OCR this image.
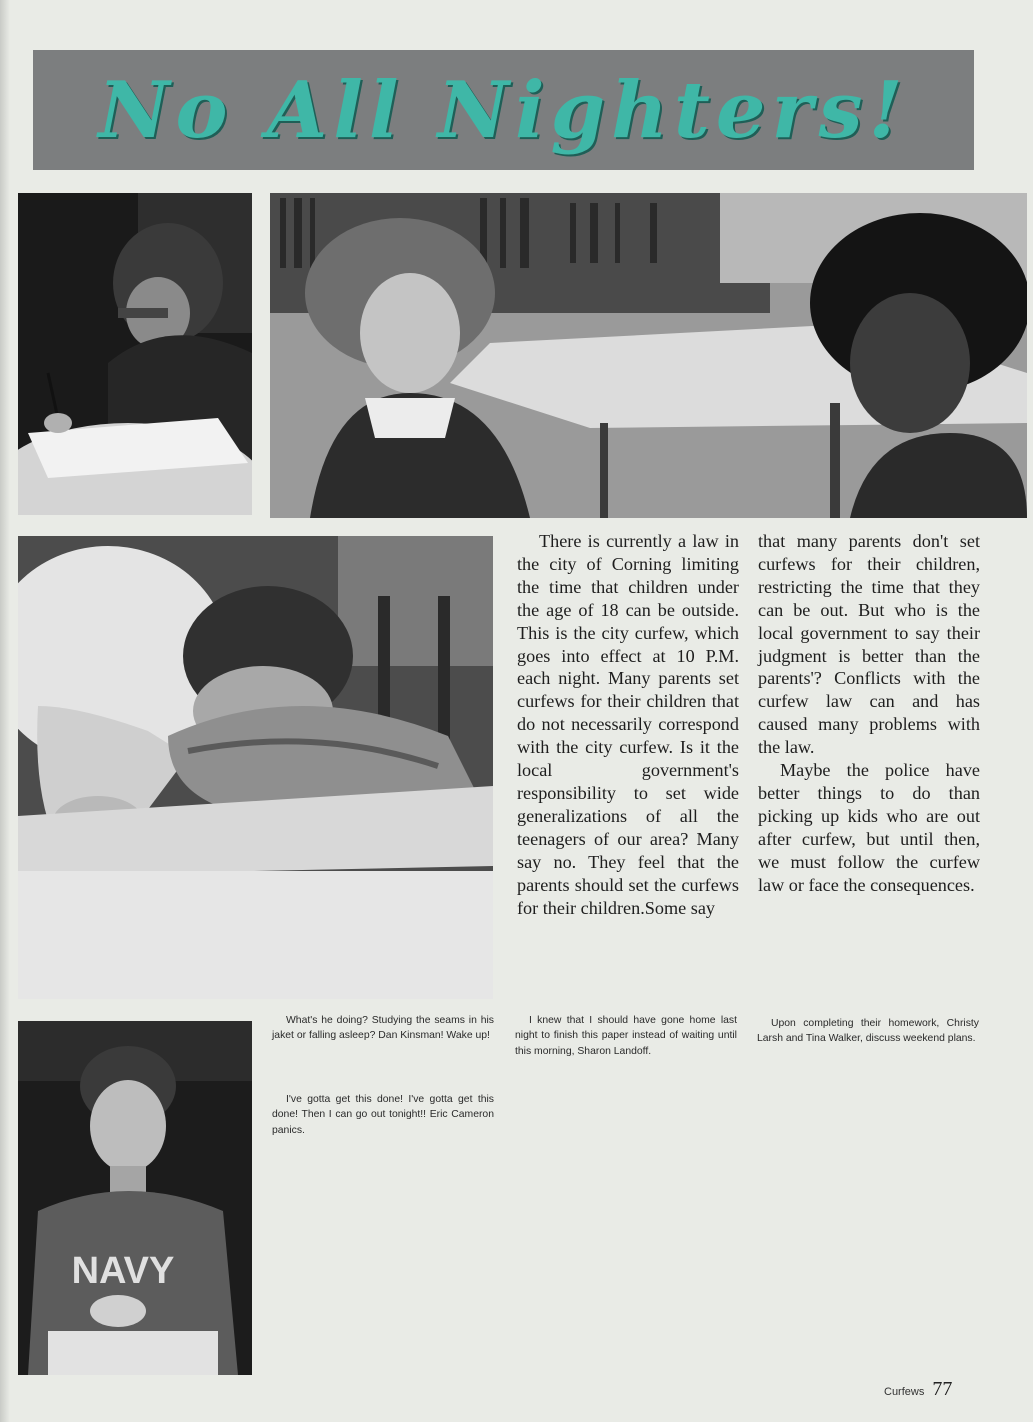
No All Nighters!
NAVY

There is currently a law in the city of Corning limiting the time that children under the age of 18 can be outside. This is the city curfew, which goes into effect at 10 P.M. each night. Many parents set curfews for their children that do not necessarily correspond with the city curfew. Is it the local government's responsibility to set wide generalizations of all the teenagers of our area? Many say no. They feel that the parents should set the curfews for their children.Some say

that many parents don't set curfews for their children, restricting the time that they can be out. But who is the local government to say their judgment is better than the parents'? Conflicts with the curfew law can and has caused many problems with the law.

Maybe the police have better things to do than picking up kids who are out after curfew, but until then, we must follow the curfew law or face the consequences.

What's he doing? Studying the seams in his jaket or falling asleep? Dan Kinsman! Wake up!
I've gotta get this done! I've gotta get this done! Then I can go out tonight!! Eric Cameron panics.
I knew that I should have gone home last night to finish this paper instead of waiting until this morning, Sharon Landoff.
Upon completing their homework, Christy Larsh and Tina Walker, discuss weekend plans.
Curfews 77
